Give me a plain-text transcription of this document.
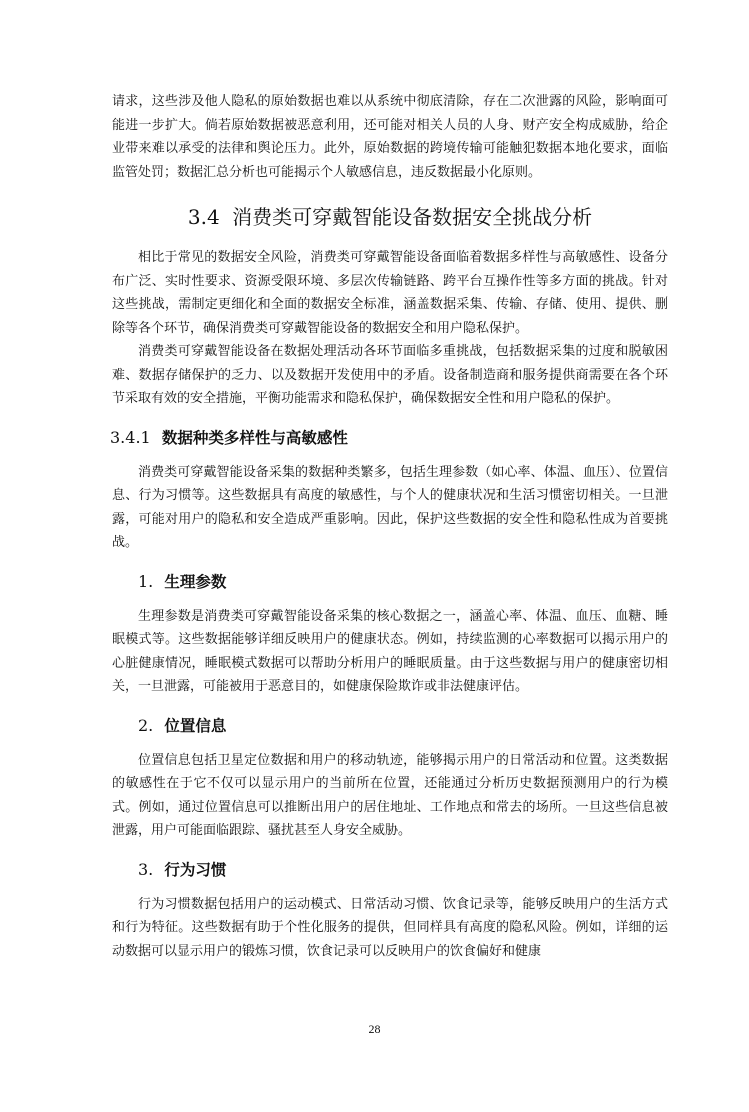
请求，这些涉及他人隐私的原始数据也难以从系统中彻底清除，存在二次泄露的风险，影响面可能进一步扩大。倘若原始数据被恶意利用，还可能对相关人员的人身、财产安全构成威胁，给企业带来难以承受的法律和舆论压力。此外，原始数据的跨境传输可能触犯数据本地化要求，面临监管处罚；数据汇总分析也可能揭示个人敏感信息，违反数据最小化原则。

3.4 消费类可穿戴智能设备数据安全挑战分析

相比于常见的数据安全风险，消费类可穿戴智能设备面临着数据多样性与高敏感性、设备分布广泛、实时性要求、资源受限环境、多层次传输链路、跨平台互操作性等多方面的挑战。针对这些挑战，需制定更细化和全面的数据安全标准，涵盖数据采集、传输、存储、使用、提供、删除等各个环节，确保消费类可穿戴智能设备的数据安全和用户隐私保护。

消费类可穿戴智能设备在数据处理活动各环节面临多重挑战，包括数据采集的过度和脱敏困难、数据存储保护的乏力、以及数据开发使用中的矛盾。设备制造商和服务提供商需要在各个环节采取有效的安全措施，平衡功能需求和隐私保护，确保数据安全性和用户隐私的保护。

3.4.1 数据种类多样性与高敏感性

消费类可穿戴智能设备采集的数据种类繁多，包括生理参数（如心率、体温、血压）、位置信息、行为习惯等。这些数据具有高度的敏感性，与个人的健康状况和生活习惯密切相关。一旦泄露，可能对用户的隐私和安全造成严重影响。因此，保护这些数据的安全性和隐私性成为首要挑战。

1. 生理参数

生理参数是消费类可穿戴智能设备采集的核心数据之一，涵盖心率、体温、血压、血糖、睡眠模式等。这些数据能够详细反映用户的健康状态。例如，持续监测的心率数据可以揭示用户的心脏健康情况，睡眠模式数据可以帮助分析用户的睡眠质量。由于这些数据与用户的健康密切相关，一旦泄露，可能被用于恶意目的，如健康保险欺诈或非法健康评估。

2. 位置信息

位置信息包括卫星定位数据和用户的移动轨迹，能够揭示用户的日常活动和位置。这类数据的敏感性在于它不仅可以显示用户的当前所在位置，还能通过分析历史数据预测用户的行为模式。例如，通过位置信息可以推断出用户的居住地址、工作地点和常去的场所。一旦这些信息被泄露，用户可能面临跟踪、骚扰甚至人身安全威胁。

3. 行为习惯

行为习惯数据包括用户的运动模式、日常活动习惯、饮食记录等，能够反映用户的生活方式和行为特征。这些数据有助于个性化服务的提供，但同样具有高度的隐私风险。例如，详细的运动数据可以显示用户的锻炼习惯，饮食记录可以反映用户的饮食偏好和健康

28
